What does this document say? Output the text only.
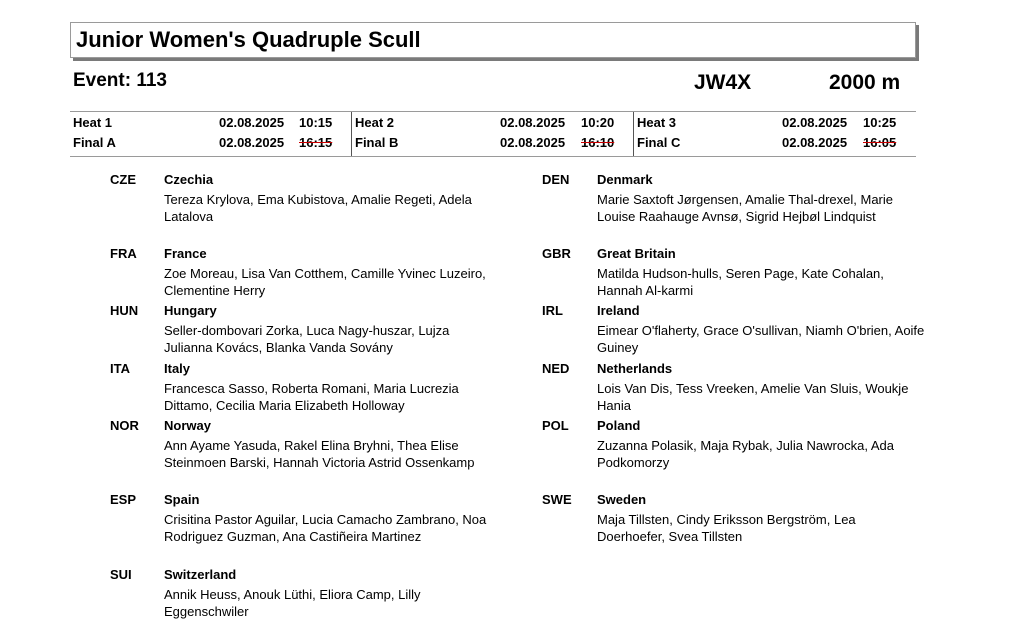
Junior Women's Quadruple Scull
Event: 113	JW4X	2000 m
Heat 1	02.08.2025 10:15
Final A	02.08.2025 16:15
Heat 2	02.08.2025 10:20
Final B	02.08.2025 16:10
Heat 3	02.08.2025 10:25
Final C	02.08.2025 16:05
CZE	Czechia
Tereza Krylova, Ema Kubistova, Amalie Regeti, Adela Latalova
FRA	France
Zoe Moreau, Lisa Van Cotthem, Camille Yvinec Luzeiro, Clementine Herry
HUN	Hungary
Seller-dombovari Zorka, Luca Nagy-huszar, Lujza Julianna Kovács, Blanka Vanda Sovány
ITA	Italy
Francesca Sasso, Roberta Romani, Maria Lucrezia Dittamo, Cecilia Maria Elizabeth Holloway
NOR	Norway
Ann Ayame Yasuda, Rakel Elina Bryhni, Thea Elise Steinmoen Barski, Hannah Victoria Astrid Ossenkamp
ESP	Spain
Crisitina Pastor Aguilar, Lucia Camacho Zambrano, Noa Rodriguez Guzman, Ana Castiñeira Martinez
SUI	Switzerland
Annik Heuss, Anouk Lüthi, Eliora Camp, Lilly Eggenschwiler
DEN	Denmark
Marie Saxtoft Jørgensen, Amalie Thal-drexel, Marie Louise Raahauge Avnsø, Sigrid Hejbøl Lindquist
GBR	Great Britain
Matilda Hudson-hulls, Seren Page, Kate Cohalan, Hannah Al-karmi
IRL	Ireland
Eimear O'flaherty, Grace O'sullivan, Niamh O'brien, Aoife Guiney
NED	Netherlands
Lois Van Dis, Tess Vreeken, Amelie Van Sluis, Woukje Hania
POL	Poland
Zuzanna Polasik, Maja Rybak, Julia Nawrocka, Ada Podkomorzy
SWE	Sweden
Maja Tillsten, Cindy Eriksson Bergström, Lea Doerhoefer, Svea Tillsten
